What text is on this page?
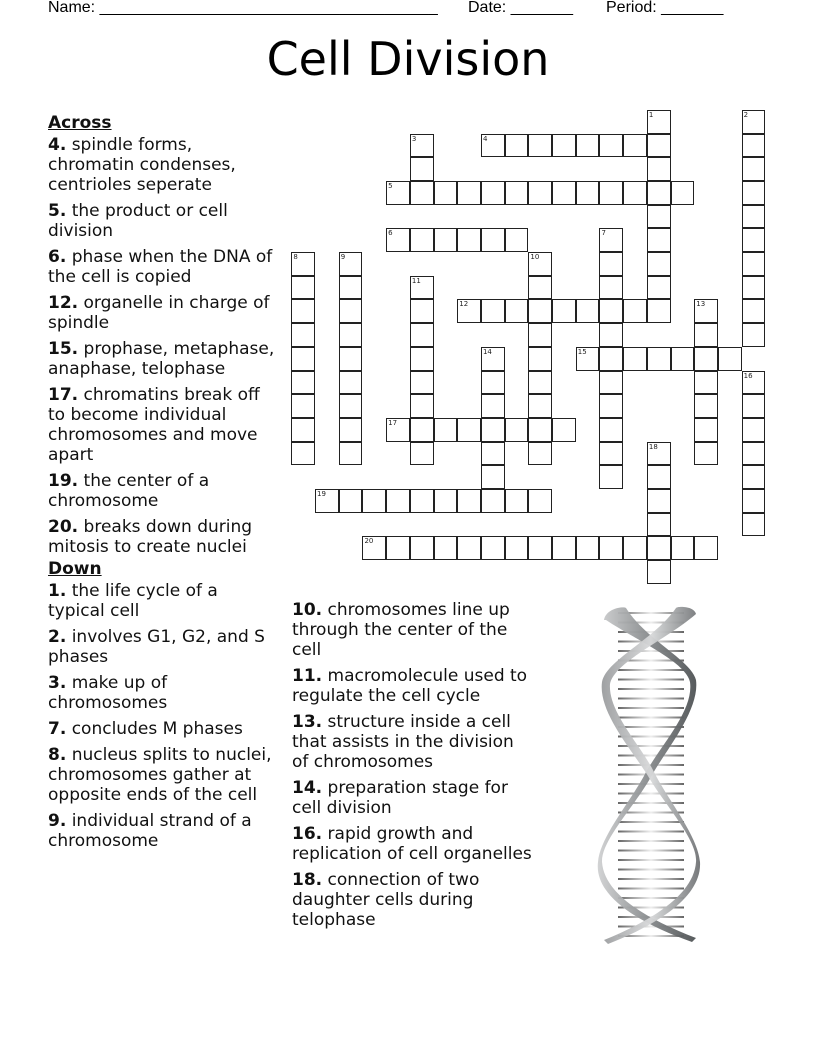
Name: ______________________________________ Date: _______ Period: _______
Cell Division
Across
4. spindle forms, chromatin condenses, centrioles seperate
5. the product or cell division
6. phase when the DNA of the cell is copied
12. organelle in charge of spindle
15. prophase, metaphase, anaphase, telophase
17. chromatins break off to become individual chromosomes and move apart
19. the center of a chromosome
20. breaks down during mitosis to create nuclei
Down
1. the life cycle of a typical cell
2. involves G1, G2, and S phases
3. make up of chromosomes
7. concludes M phases
8. nucleus splits to nuclei, chromosomes gather at opposite ends of the cell
9. individual strand of a chromosome
10. chromosomes line up through the center of the cell
11. macromolecule used to regulate the cell cycle
13. structure inside a cell that assists in the division of chromosomes
14. preparation stage for cell division
16. rapid growth and replication of cell organelles
18. connection of two daughter cells during telophase
1	2
3	4
5
6	7
8	9	10
11
12	13
14	15
16
17
18
19
20
